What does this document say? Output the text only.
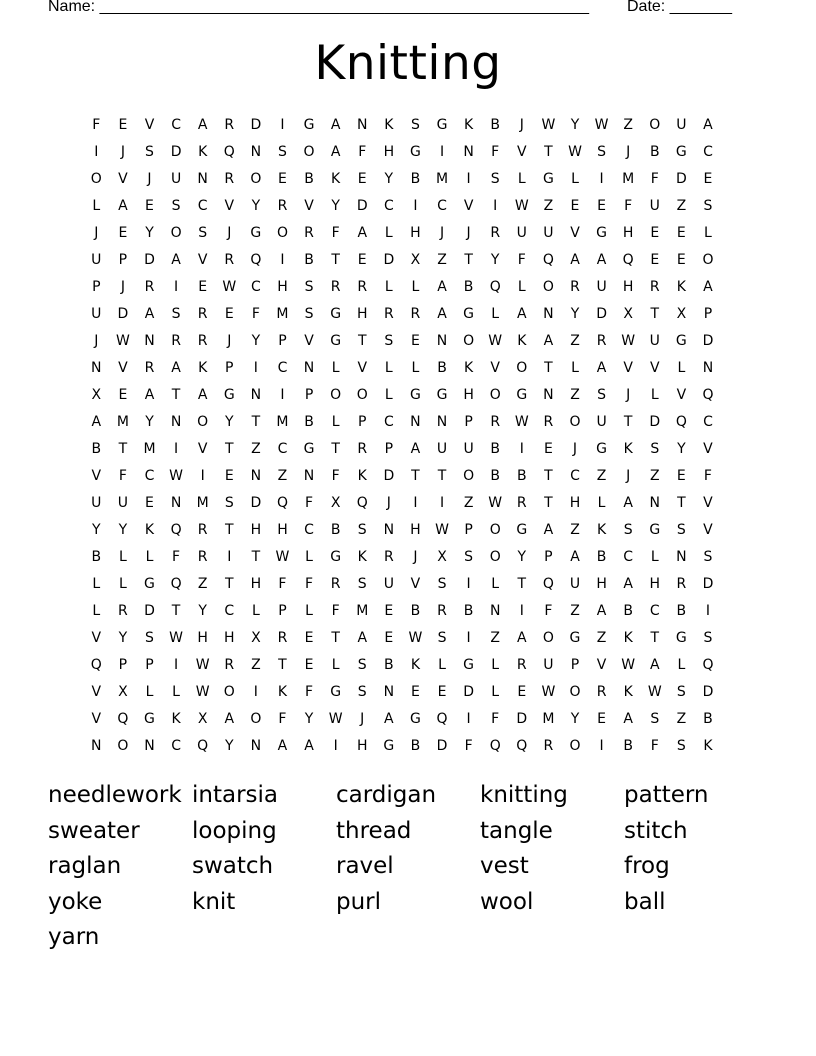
Name: _______________________________________________________ Date: _______
Knitting
F	E	V	C	A	R	D	I	G	A	N	K	S	G	K	B	J	W	Y	W	Z	O	U	A
I	J	S	D	K	Q	N	S	O	A	F	H	G	I	N	F	V	T	W	S	J	B	G	C
O	V	J	U	N	R	O	E	B	K	E	Y	B	M	I	S	L	G	L	I	M	F	D	E
L	A	E	S	C	V	Y	R	V	Y	D	C	I	C	V	I	W	Z	E	E	F	U	Z	S
J	E	Y	O	S	J	G	O	R	F	A	L	H	J	J	R	U	U	V	G	H	E	E	L
U	P	D	A	V	R	Q	I	B	T	E	D	X	Z	T	Y	F	Q	A	A	Q	E	E	O
P	J	R	I	E	W	C	H	S	R	R	L	L	A	B	Q	L	O	R	U	H	R	K	A
U	D	A	S	R	E	F	M	S	G	H	R	R	A	G	L	A	N	Y	D	X	T	X	P
J	W	N	R	R	J	Y	P	V	G	T	S	E	N	O	W	K	A	Z	R	W	U	G	D
N	V	R	A	K	P	I	C	N	L	V	L	L	B	K	V	O	T	L	A	V	V	L	N
X	E	A	T	A	G	N	I	P	O	O	L	G	G	H	O	G	N	Z	S	J	L	V	Q
A	M	Y	N	O	Y	T	M	B	L	P	C	N	N	P	R	W	R	O	U	T	D	Q	C
B	T	M	I	V	T	Z	C	G	T	R	P	A	U	U	B	I	E	J	G	K	S	Y	V
V	F	C	W	I	E	N	Z	N	F	K	D	T	T	O	B	B	T	C	Z	J	Z	E	F
U	U	E	N	M	S	D	Q	F	X	Q	J	I	I	Z	W	R	T	H	L	A	N	T	V
Y	Y	K	Q	R	T	H	H	C	B	S	N	H	W	P	O	G	A	Z	K	S	G	S	V
B	L	L	F	R	I	T	W	L	G	K	R	J	X	S	O	Y	P	A	B	C	L	N	S
L	L	G	Q	Z	T	H	F	F	R	S	U	V	S	I	L	T	Q	U	H	A	H	R	D
L	R	D	T	Y	C	L	P	L	F	M	E	B	R	B	N	I	F	Z	A	B	C	B	I
V	Y	S	W	H	H	X	R	E	T	A	E	W	S	I	Z	A	O	G	Z	K	T	G	S
Q	P	P	I	W	R	Z	T	E	L	S	B	K	L	G	L	R	U	P	V	W	A	L	Q
V	X	L	L	W	O	I	K	F	G	S	N	E	E	D	L	E	W	O	R	K	W	S	D
V	Q	G	K	X	A	O	F	Y	W	J	A	G	Q	I	F	D	M	Y	E	A	S	Z	B
N	O	N	C	Q	Y	N	A	A	I	H	G	B	D	F	Q	Q	R	O	I	B	F	S	K
needlework intarsia	cardigan	knitting	pattern
sweater	looping	thread	tangle	stitch
raglan	swatch	ravel	vest	frog
yoke	knit	purl	wool	ball
yarn
